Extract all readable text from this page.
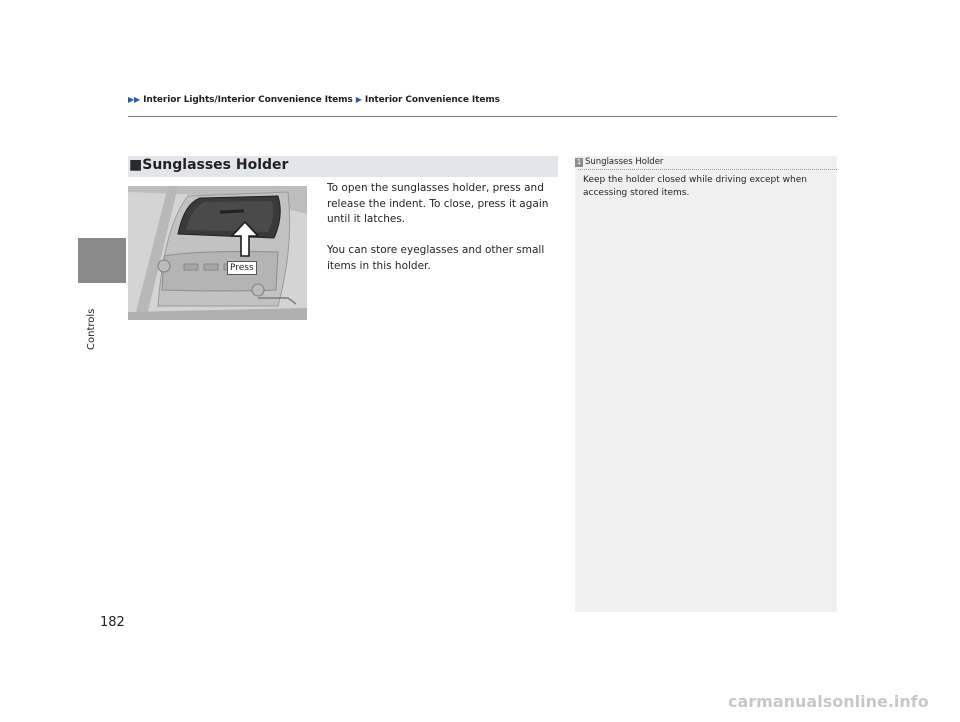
Controls
▶▶ Interior Lights/Interior Convenience Items ▶ Interior Convenience Items
■Sunglasses Holder
Press
To open the sunglasses holder, press and release the indent. To close, press it again until it latches.
You can store eyeglasses and other small items in this holder.
1 Sunglasses Holder
Keep the holder closed while driving except when accessing stored items.
182
carmanualsonline.info
